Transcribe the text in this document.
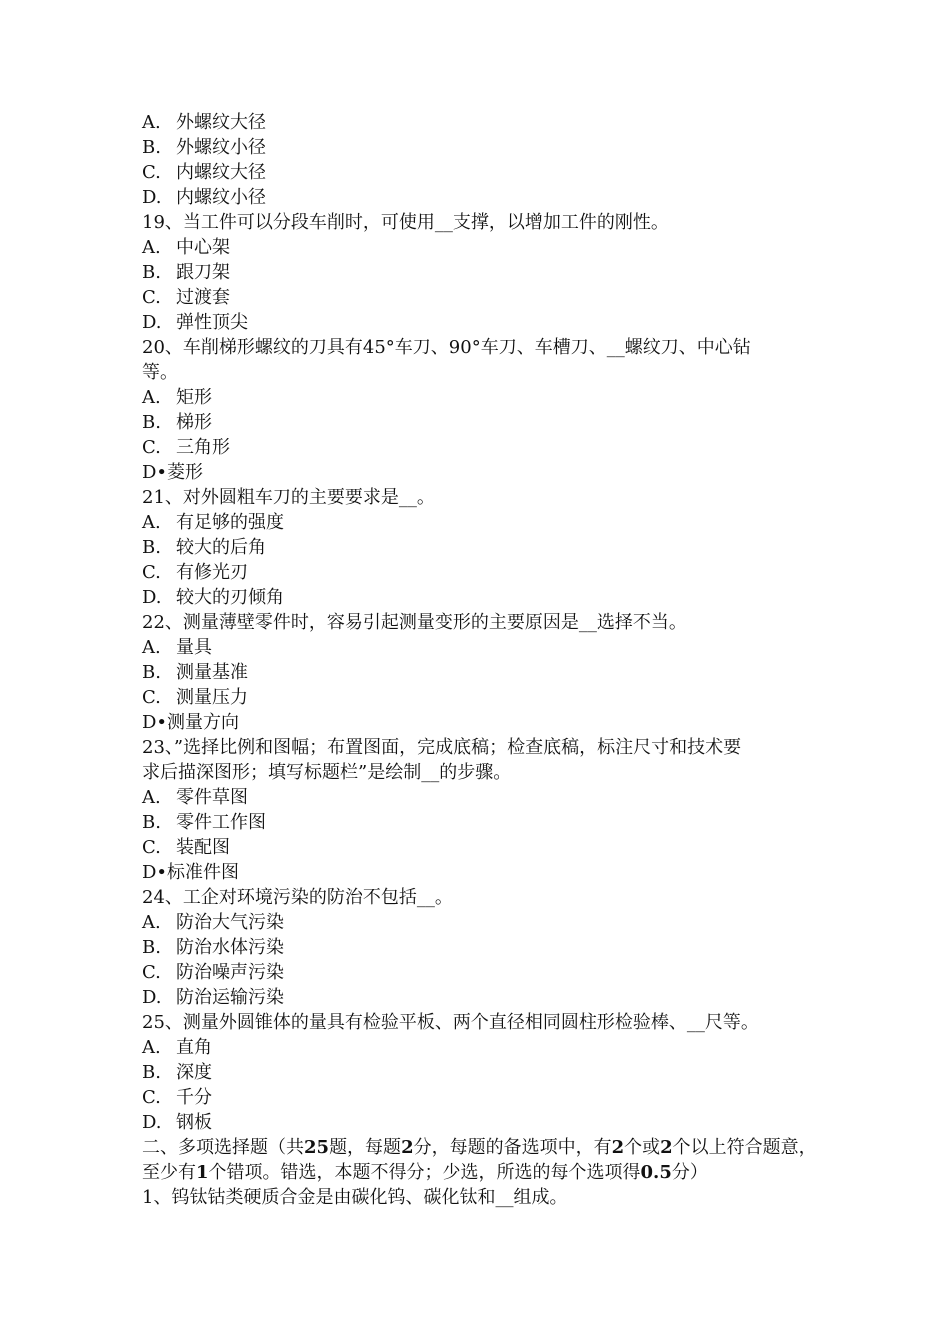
A. 外螺纹大径
B. 外螺纹小径
C. 内螺纹大径
D. 内螺纹小径
19、当工件可以分段车削时，可使用__支撑，以增加工件的刚性。
A. 中心架
B. 跟刀架
C. 过渡套
D. 弹性顶尖
20、车削梯形螺纹的刀具有45°车刀、90°车刀、车槽刀、__螺纹刀、中心钻
等。
A. 矩形
B. 梯形
C. 三角形
D•菱形
21、对外圆粗车刀的主要要求是__。
A. 有足够的强度
B. 较大的后角
C. 有修光刃
D. 较大的刃倾角
22、测量薄壁零件时，容易引起测量变形的主要原因是__选择不当。
A. 量具
B. 测量基准
C. 测量压力
D•测量方向
23、”选择比例和图幅；布置图面，完成底稿；检查底稿，标注尺寸和技术要
求后描深图形；填写标题栏”是绘制__的步骤。
A. 零件草图
B. 零件工作图
C. 装配图
D•标准件图
24、工企对环境污染的防治不包括__。
A. 防治大气污染
B. 防治水体污染
C. 防治噪声污染
D. 防治运输污染
25、测量外圆锥体的量具有检验平板、两个直径相同圆柱形检验棒、__尺等。
A. 直角
B. 深度
C. 千分
D. 钢板
二、多项选择题（共25题，每题2分，每题的备选项中，有2个或2个以上符合题意，至少有1个错项。错选，本题不得分；少选，所选的每个选项得0.5分）
1、钨钛钴类硬质合金是由碳化钨、碳化钛和__组成。
